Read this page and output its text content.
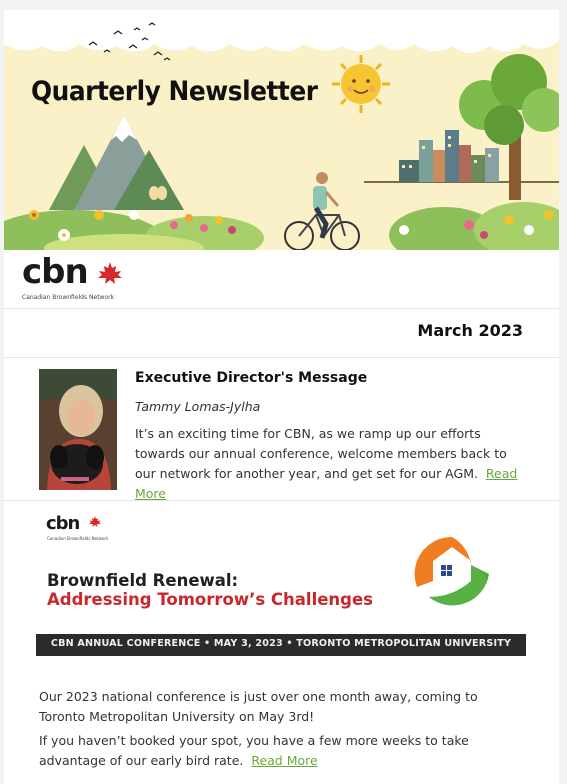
Quarterly Newsletter
cbn
Canadian Brownfields Network
March 2023
Executive Director's Message
Tammy Lomas-Jylha
It’s an exciting time for CBN, as we ramp up our efforts towards our annual conference, welcome members back to our network for another year, and get set for our AGM. Read More
cbn
Canadian Brownfields Network
Brownfield Renewal:
Addressing Tomorrow’s Challenges
CBN ANNUAL CONFERENCE • MAY 3, 2023 • TORONTO METROPOLITAN UNIVERSITY
Our 2023 national conference is just over one month away, coming to Toronto Metropolitan University on May 3rd!
If you haven’t booked your spot, you have a few more weeks to take advantage of our early bird rate. Read More
